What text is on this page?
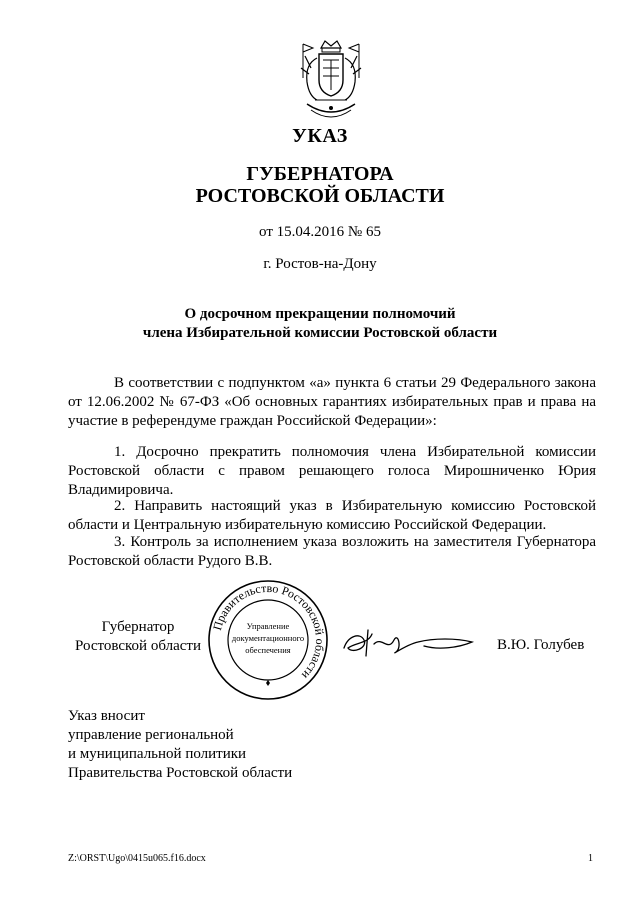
УКАЗ
ГУБЕРНАТОРА
РОСТОВСКОЙ ОБЛАСТИ
от 15.04.2016 № 65
г. Ростов-на-Дону
О досрочном прекращении полномочий
члена Избирательной комиссии Ростовской области
В соответствии с подпунктом «а» пункта 6 статьи 29 Федерального закона
от 12.06.2002 № 67-ФЗ «Об основных гарантиях избирательных прав и права на
участие в референдуме граждан Российской Федерации»:
1. Досрочно прекратить полномочия члена Избирательной комиссии
Ростовской области с правом решающего голоса Мирошниченко Юрия
Владимировича.
2. Направить настоящий указ в Избирательную комиссию Ростовской
области и Центральную избирательную комиссию Российской Федерации.
3. Контроль за исполнением указа возложить на заместителя Губернатора
Ростовской области Рудого В.В.
Губернатор
Ростовской области
Правительство Ростовской области
Управление
документационного
обеспечения	В.Ю. Голубев
Указ вносит
управление региональной
и муниципальной политики
Правительства Ростовской области
Z:\ORST\Ugo\0415u065.f16.docx	1
